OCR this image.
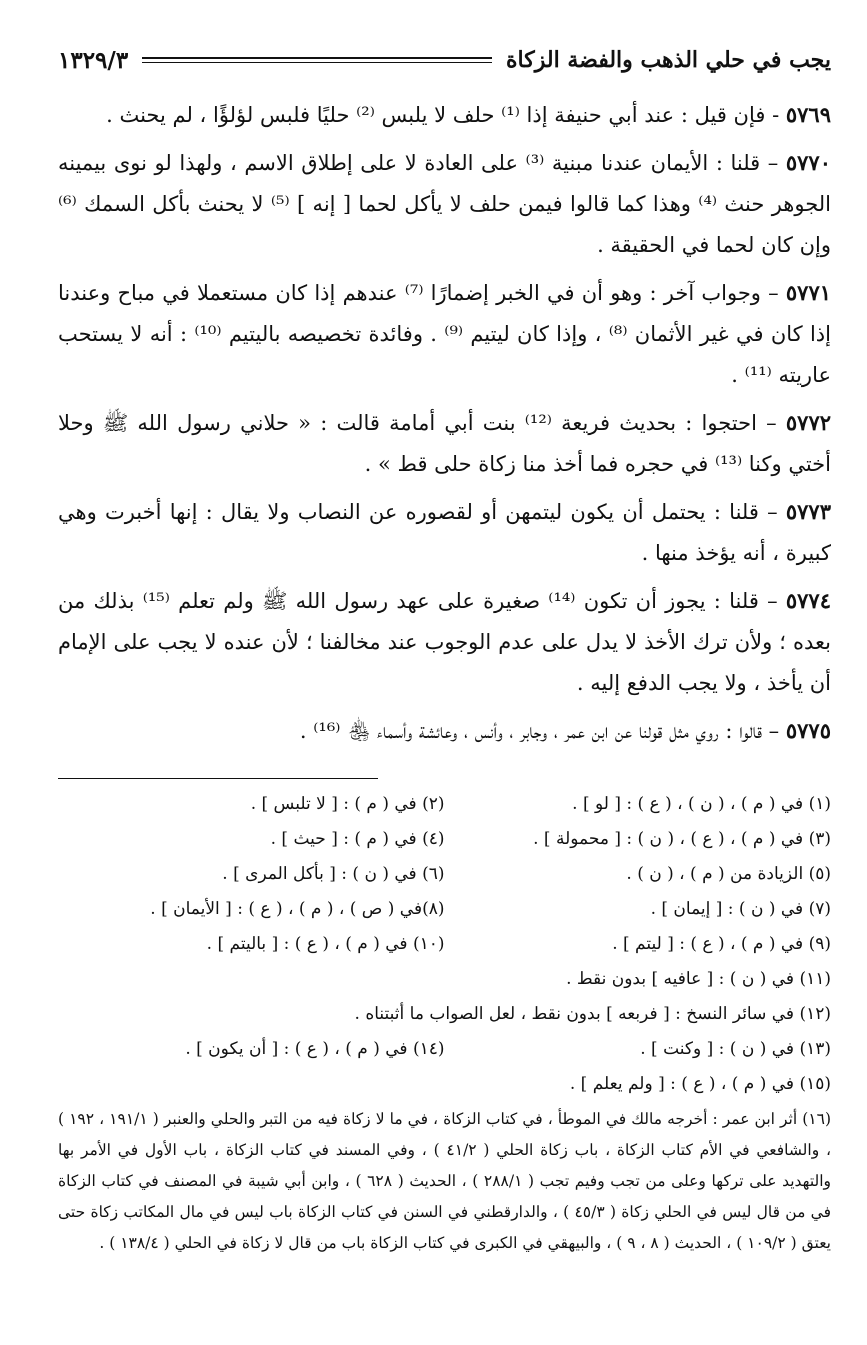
يجب في حلي الذهب والفضة الزكاة
١٣٢٩/٣

٥٧٦٩ - فإن قيل : عند أبي حنيفة إذا ⁽¹⁾ حلف لا يلبس ⁽²⁾ حليًا فلبس لؤلؤًا ، لم يحنث .

٥٧٧٠ – قلنا : الأيمان عندنا مبنية ⁽³⁾ على العادة لا على إطلاق الاسم ، ولهذا لو نوى بيمينه الجوهر حنث ⁽⁴⁾ وهذا كما قالوا فيمن حلف لا يأكل لحما [ إنه ] ⁽⁵⁾ لا يحنث بأكل السمك ⁽⁶⁾ وإن كان لحما في الحقيقة .

٥٧٧١ – وجواب آخر : وهو أن في الخبر إضمارًا ⁽⁷⁾ عندهم إذا كان مستعملا في مباح وعندنا إذا كان في غير الأثمان ⁽⁸⁾ ، وإذا كان ليتيم ⁽⁹⁾ . وفائدة تخصيصه باليتيم ⁽¹⁰⁾ : أنه لا يستحب عاريته ⁽¹¹⁾ .

٥٧٧٢ – احتجوا : بحديث فريعة ⁽¹²⁾ بنت أبي أمامة قالت : « حلاني رسول الله ﷺ وحلا أختي وكنا ⁽¹³⁾ في حجره فما أخذ منا زكاة حلى قط » .

٥٧٧٣ – قلنا : يحتمل أن يكون ليتمهن أو لقصوره عن النصاب ولا يقال : إنها أخبرت وهي كبيرة ، أنه يؤخذ منها .

٥٧٧٤ – قلنا : يجوز أن تكون ⁽¹⁴⁾ صغيرة على عهد رسول الله ﷺ ولم تعلم ⁽¹⁵⁾ بذلك من بعده ؛ ولأن ترك الأخذ لا يدل على عدم الوجوب عند مخالفنا ؛ لأن عنده لا يجب على الإمام أن يأخذ ، ولا يجب الدفع إليه .

٥٧٧٥ – قالوا : روي مثل قولنا عن ابن عمر ، وجابر ، وأنس ، وعائشة وأسماء ﵃ ⁽¹⁶⁾ .

(١) في ( م ) ، ( ن ) ، ( ع ) : [ لو ] .
(٢) في ( م ) : [ لا تلبس ] .
(٣) في ( م ) ، ( ع ) ، ( ن ) : [ محمولة ] .
(٤) في ( م ) : [ حيث ] .
(٥) الزيادة من ( م ) ، ( ن ) .
(٦) في ( ن ) : [ بأكل المرى ] .
(٧) في ( ن ) : [ إيمان ] .
(٨)في ( ص ) ، ( م ) ، ( ع ) : [ الأيمان ] .
(٩) في ( م ) ، ( ع ) : [ ليتم ] .
(١٠) في ( م ) ، ( ع ) : [ باليتم ] .
(١١) في ( ن ) : [ عافيه ] بدون نقط .
(١٢) في سائر النسخ : [ فربعه ] بدون نقط ، لعل الصواب ما أثبتناه .
(١٣) في ( ن ) : [ وكنت ] .
(١٤) في ( م ) ، ( ع ) : [ أن يكون ] .
(١٥) في ( م ) ، ( ع ) : [ ولم يعلم ] .
(١٦) أثر ابن عمر : أخرجه مالك في الموطأ ، في كتاب الزكاة ، في ما لا زكاة فيه من التبر والحلي والعنبر ( ١٩١/١ ، ١٩٢ ) ، والشافعي في الأم كتاب الزكاة ، باب زكاة الحلي ( ٤١/٢ ) ، وفي المسند في كتاب الزكاة ، باب الأول في الأمر بها والتهديد على تركها وعلى من تجب وفيم تجب ( ٢٨٨/١ ) ، الحديث ( ٦٢٨ ) ، وابن أبي شيبة في المصنف في كتاب الزكاة في من قال ليس في الحلي زكاة ( ٤٥/٣ ) ، والدارقطني في السنن في كتاب الزكاة باب ليس في مال المكاتب زكاة حتى يعتق ( ١٠٩/٢ ) ، الحديث ( ٨ ، ٩ ) ، والبيهقي في الكبرى في كتاب الزكاة باب من قال لا زكاة في الحلي ( ١٣٨/٤ ) .
